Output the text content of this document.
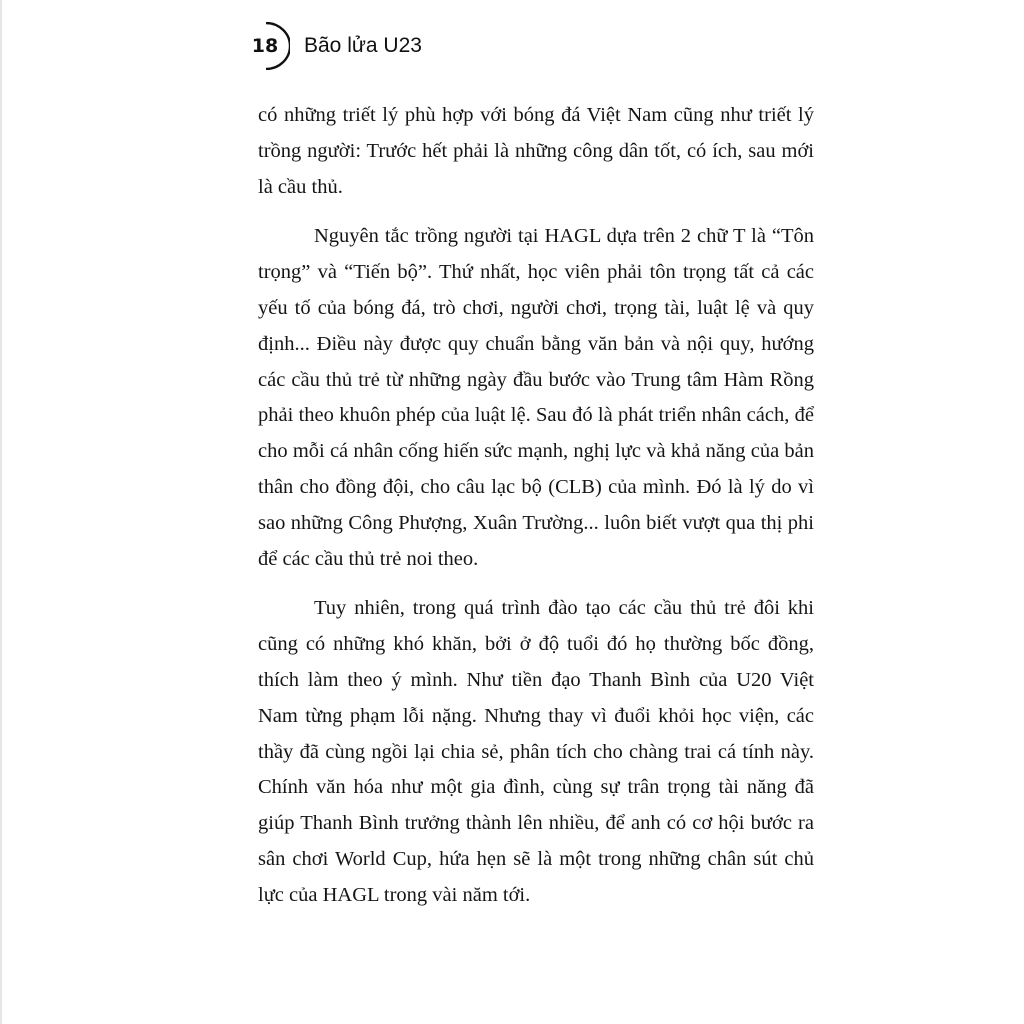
18 Bão lửa U23

có những triết lý phù hợp với bóng đá Việt Nam cũng như triết lý trồng người: Trước hết phải là những công dân tốt, có ích, sau mới là cầu thủ.

Nguyên tắc trồng người tại HAGL dựa trên 2 chữ T là “Tôn trọng” và “Tiến bộ”. Thứ nhất, học viên phải tôn trọng tất cả các yếu tố của bóng đá, trò chơi, người chơi, trọng tài, luật lệ và quy định... Điều này được quy chuẩn bằng văn bản và nội quy, hướng các cầu thủ trẻ từ những ngày đầu bước vào Trung tâm Hàm Rồng phải theo khuôn phép của luật lệ. Sau đó là phát triển nhân cách, để cho mỗi cá nhân cống hiến sức mạnh, nghị lực và khả năng của bản thân cho đồng đội, cho câu lạc bộ (CLB) của mình. Đó là lý do vì sao những Công Phượng, Xuân Trường... luôn biết vượt qua thị phi để các cầu thủ trẻ noi theo.

Tuy nhiên, trong quá trình đào tạo các cầu thủ trẻ đôi khi cũng có những khó khăn, bởi ở độ tuổi đó họ thường bốc đồng, thích làm theo ý mình. Như tiền đạo Thanh Bình của U20 Việt Nam từng phạm lỗi nặng. Nhưng thay vì đuổi khỏi học viện, các thầy đã cùng ngồi lại chia sẻ, phân tích cho chàng trai cá tính này. Chính văn hóa như một gia đình, cùng sự trân trọng tài năng đã giúp Thanh Bình trưởng thành lên nhiều, để anh có cơ hội bước ra sân chơi World Cup, hứa hẹn sẽ là một trong những chân sút chủ lực của HAGL trong vài năm tới.
